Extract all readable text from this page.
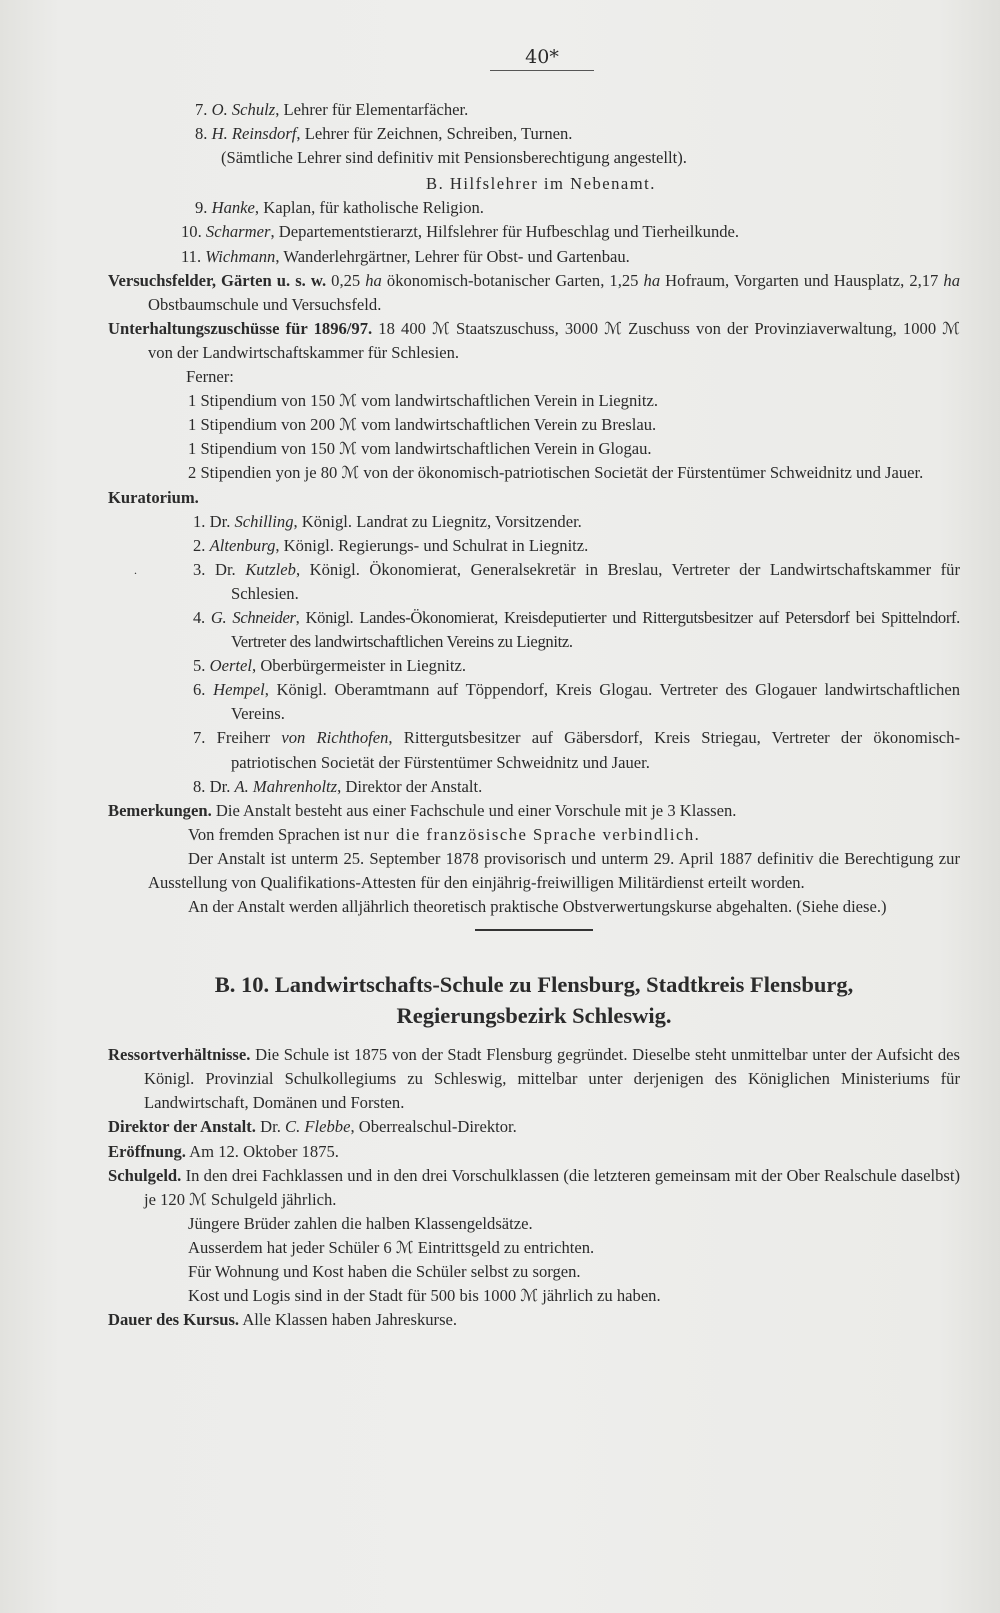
40*

7. O. Schulz, Lehrer für Elementarfächer.

8. H. Reinsdorf, Lehrer für Zeichnen, Schreiben, Turnen.

(Sämtliche Lehrer sind definitiv mit Pensionsberechtigung angestellt).

B. Hilfslehrer im Nebenamt.

9. Hanke, Kaplan, für katholische Religion.

10. Scharmer, Departementstierarzt, Hilfslehrer für Hufbeschlag und Tierheilkunde.

11. Wichmann, Wanderlehrgärtner, Lehrer für Obst- und Gartenbau.

Versuchsfelder, Gärten u. s. w. 0,25 ha ökonomisch-botanischer Garten, 1,25 ha Hofraum, Vorgarten und Hausplatz, 2,17 ha Obstbaumschule und Versuchsfeld.

Unterhaltungszuschüsse für 1896/97. 18 400 ℳ Staatszuschuss, 3000 ℳ Zuschuss von der Provinziaverwaltung, 1000 ℳ von der Landwirtschaftskammer für Schlesien.

Ferner:

1 Stipendium von 150 ℳ vom landwirtschaftlichen Verein in Liegnitz.

1 Stipendium von 200 ℳ vom landwirtschaftlichen Verein zu Breslau.

1 Stipendium von 150 ℳ vom landwirtschaftlichen Verein in Glogau.

2 Stipendien yon je 80 ℳ von der ökonomisch-patriotischen Societät der Fürstentümer Schweidnitz und Jauer.

Kuratorium.

1. Dr. Schilling, Königl. Landrat zu Liegnitz, Vorsitzender.

2. Altenburg, Königl. Regierungs- und Schulrat in Liegnitz.

.	3. Dr. Kutzleb, Königl. Ökonomierat, Generalsekretär in Breslau, Vertreter der Landwirtschaftskammer für Schlesien.

4. G. Schneider, Königl. Landes-Ökonomierat, Kreisdeputierter und Rittergutsbesitzer auf Petersdorf bei Spittelndorf. Vertreter des landwirtschaftlichen Vereins zu Liegnitz.

5. Oertel, Oberbürgermeister in Liegnitz.

6. Hempel, Königl. Oberamtmann auf Töppendorf, Kreis Glogau. Vertreter des Glogauer landwirtschaftlichen Vereins.

7. Freiherr von Richthofen, Rittergutsbesitzer auf Gäbersdorf, Kreis Striegau, Vertreter der ökonomisch-patriotischen Societät der Fürstentümer Schweidnitz und Jauer.

8. Dr. A. Mahrenholtz, Direktor der Anstalt.

Bemerkungen. Die Anstalt besteht aus einer Fachschule und einer Vorschule mit je 3 Klassen.

Von fremden Sprachen ist nur die französische Sprache verbindlich.

Der Anstalt ist unterm 25. September 1878 provisorisch und unterm 29. April 1887 definitiv die Berechtigung zur Ausstellung von Qualifikations-Attesten für den einjährig-freiwilligen Militärdienst erteilt worden.

An der Anstalt werden alljährlich theoretisch praktische Obstverwertungskurse abgehalten. (Siehe diese.)

B. 10. Landwirtschafts-Schule zu Flensburg, Stadtkreis Flensburg,
Regierungsbezirk Schleswig.

Ressortverhältnisse. Die Schule ist 1875 von der Stadt Flensburg gegründet. Dieselbe steht unmittelbar unter der Aufsicht des Königl. Provinzial Schulkollegiums zu Schleswig, mittelbar unter derjenigen des Königlichen Ministeriums für Landwirtschaft, Domänen und Forsten.

Direktor der Anstalt. Dr. C. Flebbe, Oberrealschul-Direktor.

Eröffnung. Am 12. Oktober 1875.

Schulgeld. In den drei Fachklassen und in den drei Vorschulklassen (die letzteren gemeinsam mit der Ober Realschule daselbst) je 120 ℳ Schulgeld jährlich.

Jüngere Brüder zahlen die halben Klassengeldsätze.

Ausserdem hat jeder Schüler 6 ℳ Eintrittsgeld zu entrichten.

Für Wohnung und Kost haben die Schüler selbst zu sorgen.

Kost und Logis sind in der Stadt für 500 bis 1000 ℳ jährlich zu haben.

Dauer des Kursus. Alle Klassen haben Jahreskurse.
